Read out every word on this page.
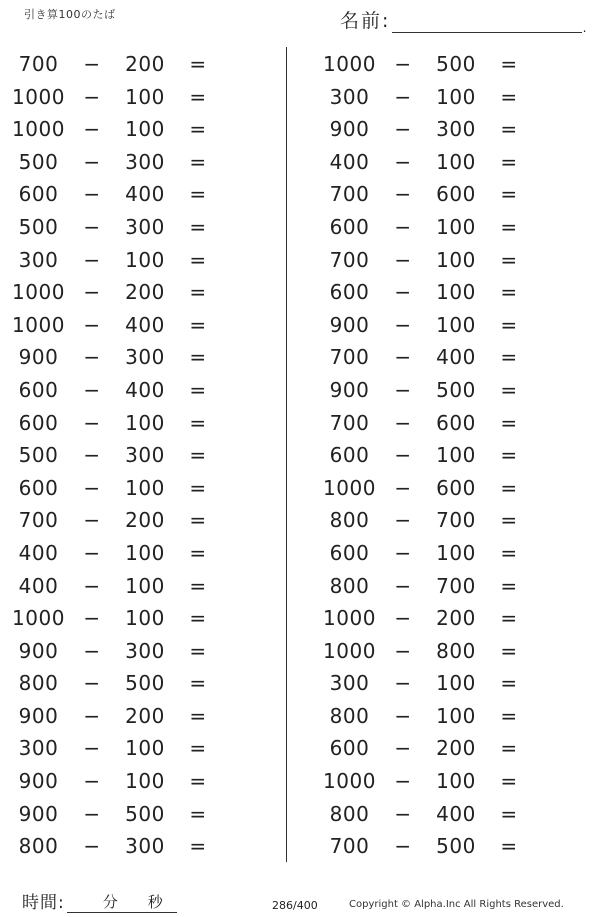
引き算100のたば	名前:	.
700	− 200 =
1000 − 100 =
1000 − 100 =
500	− 300 =
600	− 400 =
500	− 300 =
300	− 100 =
1000 − 200 =
1000 − 400 =
900	− 300 =
600	− 400 =
600	− 100 =
500	− 300 =
600	− 100 =
700	− 200 =
400	− 100 =
400	− 100 =
1000 − 100 =
900	− 300 =
800	− 500 =
900	− 200 =
300	− 100 =
900	− 100 =
900	− 500 =
800	− 300 =
1000 − 500 =
300	− 100 =
900	− 300 =
400	− 100 =
700	− 600 =
600	− 100 =
700	− 100 =
600	− 100 =
900	− 100 =
700	− 400 =
900	− 500 =
700	− 600 =
600	− 100 =
1000 − 600 =
800	− 700 =
600	− 100 =
800	− 700 =
1000 − 200 =
1000 − 800 =
300	− 100 =
800	− 100 =
600	− 200 =
1000 − 100 =
800	− 400 =
700	− 500 =
時間:	分 秒	286/400	Copyright © Alpha.Inc All Rights Reserved.
